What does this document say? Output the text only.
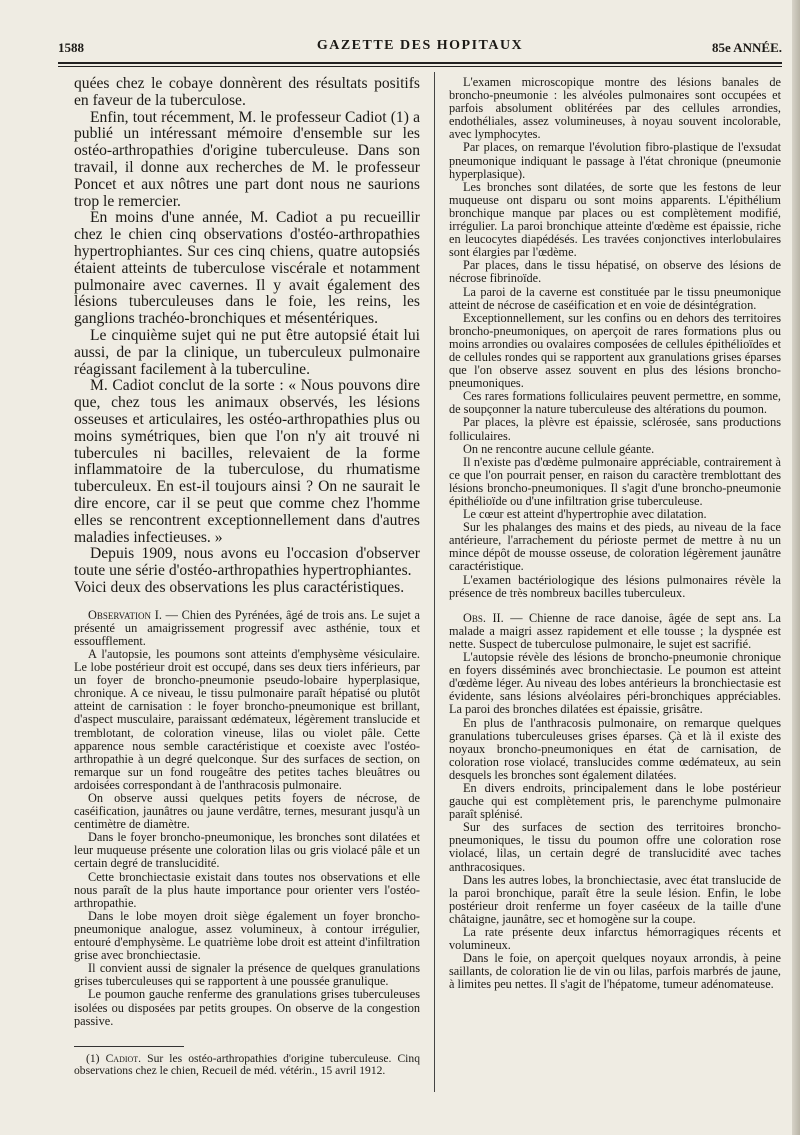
1588	GAZETTE DES HOPITAUX	85e ANNÉE.

quées chez le cobaye donnèrent des résultats positifs en faveur de la tuberculose.

Enfin, tout récemment, M. le professeur Cadiot (1) a publié un intéressant mémoire d'ensemble sur les ostéo-arthropathies d'origine tuberculeuse. Dans son travail, il donne aux recherches de M. le professeur Poncet et aux nôtres une part dont nous ne saurions trop le remercier.

En moins d'une année, M. Cadiot a pu recueillir chez le chien cinq observations d'ostéo-arthropathies hypertrophiantes. Sur ces cinq chiens, quatre autopsiés étaient atteints de tuberculose viscérale et notamment pulmonaire avec cavernes. Il y avait également des lésions tuberculeuses dans le foie, les reins, les ganglions trachéo-bronchiques et mésentériques.

Le cinquième sujet qui ne put être autopsié était lui aussi, de par la clinique, un tuberculeux pulmonaire réagissant facilement à la tuberculine.

M. Cadiot conclut de la sorte : « Nous pouvons dire que, chez tous les animaux observés, les lésions osseuses et articulaires, les ostéo-arthropathies plus ou moins symétriques, bien que l'on n'y ait trouvé ni tubercules ni bacilles, relevaient de la forme inflammatoire de la tuberculose, du rhumatisme tuberculeux. En est-il toujours ainsi ? On ne saurait le dire encore, car il se peut que comme chez l'homme elles se rencontrent exceptionnellement dans d'autres maladies infectieuses. »

Depuis 1909, nous avons eu l'occasion d'observer toute une série d'ostéo-arthropathies hypertrophiantes.

Voici deux des observations les plus caractéristiques.

Observation I. — Chien des Pyrénées, âgé de trois ans. Le sujet a présenté un amaigrissement progressif avec asthénie, toux et essoufflement.

A l'autopsie, les poumons sont atteints d'emphysème vésiculaire. Le lobe postérieur droit est occupé, dans ses deux tiers inférieurs, par un foyer de broncho-pneumonie pseudo-lobaire hyperplasique, chronique. A ce niveau, le tissu pulmonaire paraît hépatisé ou plutôt atteint de carnisation : le foyer broncho-pneumonique est brillant, d'aspect musculaire, paraissant œdémateux, légèrement translucide et tremblotant, de coloration vineuse, lilas ou violet pâle. Cette apparence nous semble caractéristique et coexiste avec l'ostéo-arthropathie à un degré quelconque. Sur des surfaces de section, on remarque sur un fond rougeâtre des petites taches bleuâtres ou ardoisées correspondant à de l'anthracosis pulmonaire.

On observe aussi quelques petits foyers de nécrose, de caséification, jaunâtres ou jaune verdâtre, ternes, mesurant jusqu'à un centimètre de diamètre.

Dans le foyer broncho-pneumonique, les bronches sont dilatées et leur muqueuse présente une coloration lilas ou gris violacé pâle et un certain degré de translucidité.

Cette bronchiectasie existait dans toutes nos observations et elle nous paraît de la plus haute importance pour orienter vers l'ostéo-arthropathie.

Dans le lobe moyen droit siège également un foyer broncho-pneumonique analogue, assez volumineux, à contour irrégulier, entouré d'emphysème. Le quatrième lobe droit est atteint d'infiltration grise avec bronchiectasie.

Il convient aussi de signaler la présence de quelques granulations grises tuberculeuses qui se rapportent à une poussée granulique.

Le poumon gauche renferme des granulations grises tuberculeuses isolées ou disposées par petits groupes. On observe de la congestion passive.

(1) Cadiot. Sur les ostéo-arthropathies d'origine tuberculeuse. Cinq observations chez le chien, Recueil de méd. vétérin., 15 avril 1912.

L'examen microscopique montre des lésions banales de broncho-pneumonie : les alvéoles pulmonaires sont occupées et parfois absolument oblitérées par des cellules arrondies, endothéliales, assez volumineuses, à noyau souvent incolorable, avec lymphocytes.

Par places, on remarque l'évolution fibro-plastique de l'exsudat pneumonique indiquant le passage à l'état chronique (pneumonie hyperplasique).

Les bronches sont dilatées, de sorte que les festons de leur muqueuse ont disparu ou sont moins apparents. L'épithélium bronchique manque par places ou est complètement modifié, irrégulier. La paroi bronchique atteinte d'œdème est épaissie, riche en leucocytes diapédésés. Les travées conjonctives interlobulaires sont élargies par l'œdème.

Par places, dans le tissu hépatisé, on observe des lésions de nécrose fibrinoïde.

La paroi de la caverne est constituée par le tissu pneumonique atteint de nécrose de caséification et en voie de désintégration.

Exceptionnellement, sur les confins ou en dehors des territoires broncho-pneumoniques, on aperçoit de rares formations plus ou moins arrondies ou ovalaires composées de cellules épithélioïdes et de cellules rondes qui se rapportent aux granulations grises éparses que l'on observe assez souvent en plus des lésions broncho-pneumoniques.

Ces rares formations folliculaires peuvent permettre, en somme, de soupçonner la nature tuberculeuse des altérations du poumon.

Par places, la plèvre est épaissie, sclérosée, sans productions folliculaires.

On ne rencontre aucune cellule géante.

Il n'existe pas d'œdème pulmonaire appréciable, contrairement à ce que l'on pourrait penser, en raison du caractère tremblottant des lésions broncho-pneumoniques. Il s'agit d'une broncho-pneumonie épithélioïde ou d'une infiltration grise tuberculeuse.

Le cœur est atteint d'hypertrophie avec dilatation.

Sur les phalanges des mains et des pieds, au niveau de la face antérieure, l'arrachement du périoste permet de mettre à nu un mince dépôt de mousse osseuse, de coloration légèrement jaunâtre caractéristique.

L'examen bactériologique des lésions pulmonaires révèle la présence de très nombreux bacilles tuberculeux.

Obs. II. — Chienne de race danoise, âgée de sept ans. La malade a maigri assez rapidement et elle tousse ; la dyspnée est nette. Suspect de tuberculose pulmonaire, le sujet est sacrifié.

L'autopsie révèle des lésions de broncho-pneumonie chronique en foyers disséminés avec bronchiectasie. Le poumon est atteint d'œdème léger. Au niveau des lobes antérieurs la bronchiectasie est évidente, sans lésions alvéolaires péri-bronchiques appréciables. La paroi des bronches dilatées est épaissie, grisâtre.

En plus de l'anthracosis pulmonaire, on remarque quelques granulations tuberculeuses grises éparses. Çà et là il existe des noyaux broncho-pneumoniques en état de carnisation, de coloration rose violacé, translucides comme œdémateux, au sein desquels les bronches sont également dilatées.

En divers endroits, principalement dans le lobe postérieur gauche qui est complètement pris, le parenchyme pulmonaire paraît splénisé.

Sur des surfaces de section des territoires broncho-pneumoniques, le tissu du poumon offre une coloration rose violacé, lilas, un certain degré de translucidité avec taches anthracosiques.

Dans les autres lobes, la bronchiectasie, avec état translucide de la paroi bronchique, paraît être la seule lésion. Enfin, le lobe postérieur droit renferme un foyer caséeux de la taille d'une châtaigne, jaunâtre, sec et homogène sur la coupe.

La rate présente deux infarctus hémorragiques récents et volumineux.

Dans le foie, on aperçoit quelques noyaux arrondis, à peine saillants, de coloration lie de vin ou lilas, parfois marbrés de jaune, à limites peu nettes. Il s'agit de l'hépatome, tumeur adénomateuse.
